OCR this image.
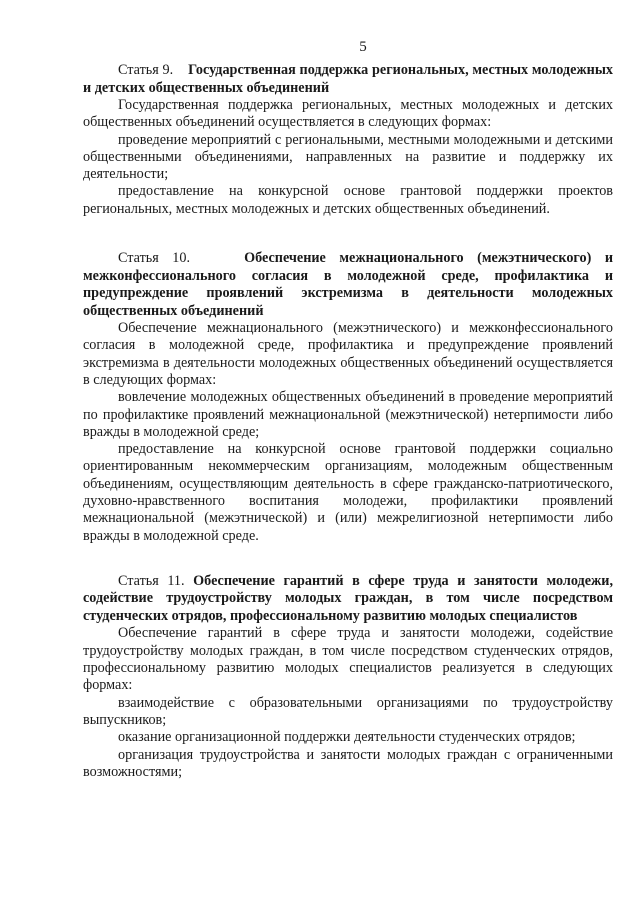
5

Статья 9. Государственная поддержка региональных, местных молодежных и детских общественных объединений

Государственная поддержка региональных, местных молодежных и детских общественных объединений осуществляется в следующих формах:

проведение мероприятий с региональными, местными молодежными и детскими общественными объединениями, направленных на развитие и поддержку их деятельности;

предоставление на конкурсной основе грантовой поддержки проектов региональных, местных молодежных и детских общественных объединений.

Статья 10.	Обеспечение межнационального (межэтнического) и межконфессионального согласия в молодежной среде, профилактика и предупреждение проявлений экстремизма в деятельности молодежных общественных объединений

Обеспечение межнационального (межэтнического) и межконфессионального согласия в молодежной среде, профилактика и предупреждение проявлений экстремизма в деятельности молодежных общественных объединений осуществляется в следующих формах:

вовлечение молодежных общественных объединений в проведение мероприятий по профилактике проявлений межнациональной (межэтнической) нетерпимости либо вражды в молодежной среде;

предоставление на конкурсной основе грантовой поддержки социально ориентированным некоммерческим организациям, молодежным общественным объединениям, осуществляющим деятельность в сфере гражданско-патриотического, духовно-нравственного воспитания молодежи, профилактики проявлений межнациональной (межэтнической) и (или) межрелигиозной нетерпимости либо вражды в молодежной среде.

Статья 11. Обеспечение гарантий в сфере труда и занятости молодежи, содействие трудоустройству молодых граждан, в том числе посредством студенческих отрядов, профессиональному развитию молодых специалистов

Обеспечение гарантий в сфере труда и занятости молодежи, содействие трудоустройству молодых граждан, в том числе посредством студенческих отрядов, профессиональному развитию молодых специалистов реализуется в следующих формах:

взаимодействие с образовательными организациями по трудоустройству выпускников;

оказание организационной поддержки деятельности студенческих отрядов;

организация трудоустройства и занятости молодых граждан с ограниченными возможностями;
